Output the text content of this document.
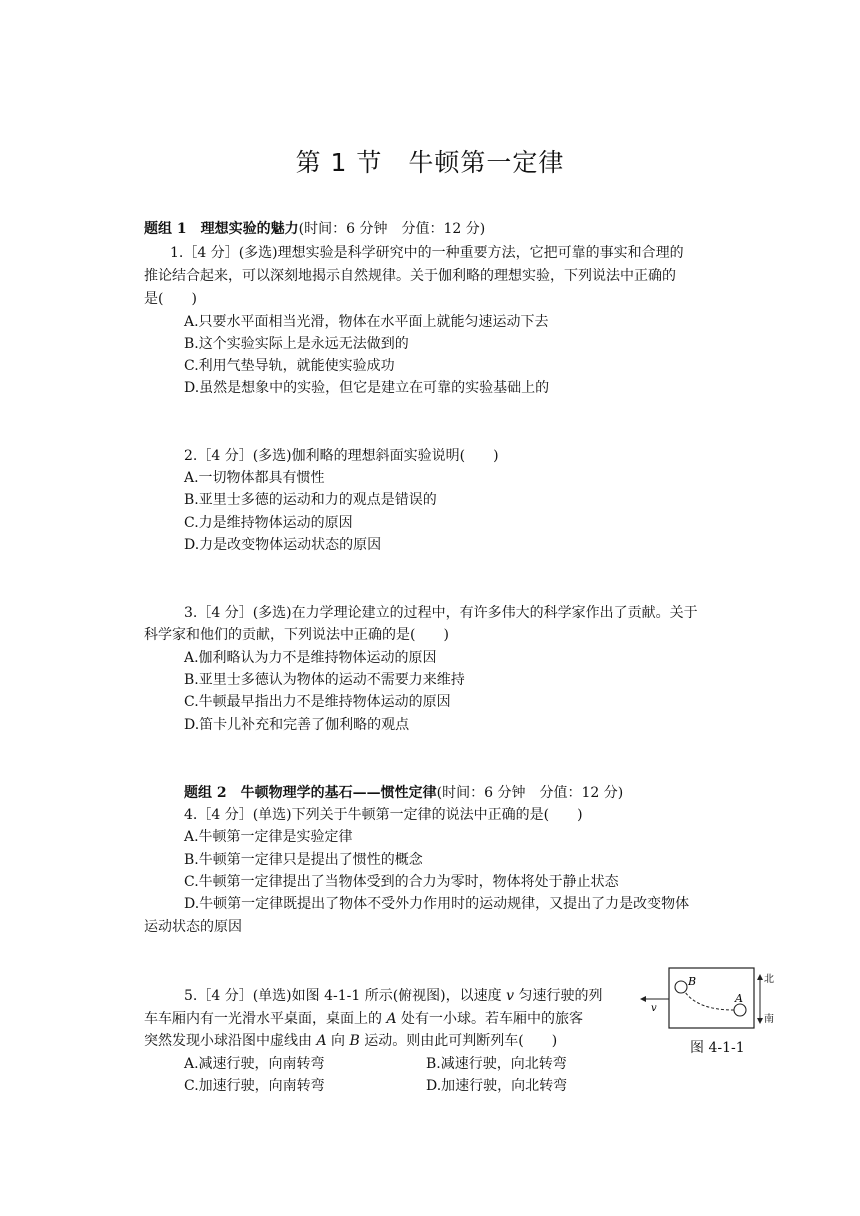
第 1 节　牛顿第一定律
题组 1　理想实验的魅力(时间：6 分钟　分值：12 分)
1.［4 分］(多选)理想实验是科学研究中的一种重要方法，它把可靠的事实和合理的
推论结合起来，可以深刻地揭示自然规律。关于伽利略的理想实验，下列说法中正确的
是(　　)
A.只要水平面相当光滑，物体在水平面上就能匀速运动下去
B.这个实验实际上是永远无法做到的
C.利用气垫导轨，就能使实验成功
D.虽然是想象中的实验，但它是建立在可靠的实验基础上的
2.［4 分］(多选)伽利略的理想斜面实验说明(　　)
A.一切物体都具有惯性
B.亚里士多德的运动和力的观点是错误的
C.力是维持物体运动的原因
D.力是改变物体运动状态的原因
3.［4 分］(多选)在力学理论建立的过程中，有许多伟大的科学家作出了贡献。关于
科学家和他们的贡献，下列说法中正确的是(　　)
A.伽利略认为力不是维持物体运动的原因
B.亚里士多德认为物体的运动不需要力来维持
C.牛顿最早指出力不是维持物体运动的原因
D.笛卡儿补充和完善了伽利略的观点
题组 2　牛顿物理学的基石——惯性定律(时间：6 分钟　分值：12 分)
4.［4 分］(单选)下列关于牛顿第一定律的说法中正确的是(　　)
A.牛顿第一定律是实验定律
B.牛顿第一定律只是提出了惯性的概念
C.牛顿第一定律提出了当物体受到的合力为零时，物体将处于静止状态
D.牛顿第一定律既提出了物体不受外力作用时的运动规律，又提出了力是改变物体
运动状态的原因
5.［4 分］(单选)如图 4-1-1 所示(俯视图)，以速度 v 匀速行驶的列
车车厢内有一光滑水平桌面，桌面上的 A 处有一小球。若车厢中的旅客
突然发现小球沿图中虚线由 A 向 B 运动。则由此可判断列车(　　)
A.减速行驶，向南转弯	B.减速行驶，向北转弯
C.加速行驶，向南转弯	D.加速行驶，向北转弯
B
A
v
北
南
图 4-1-1
